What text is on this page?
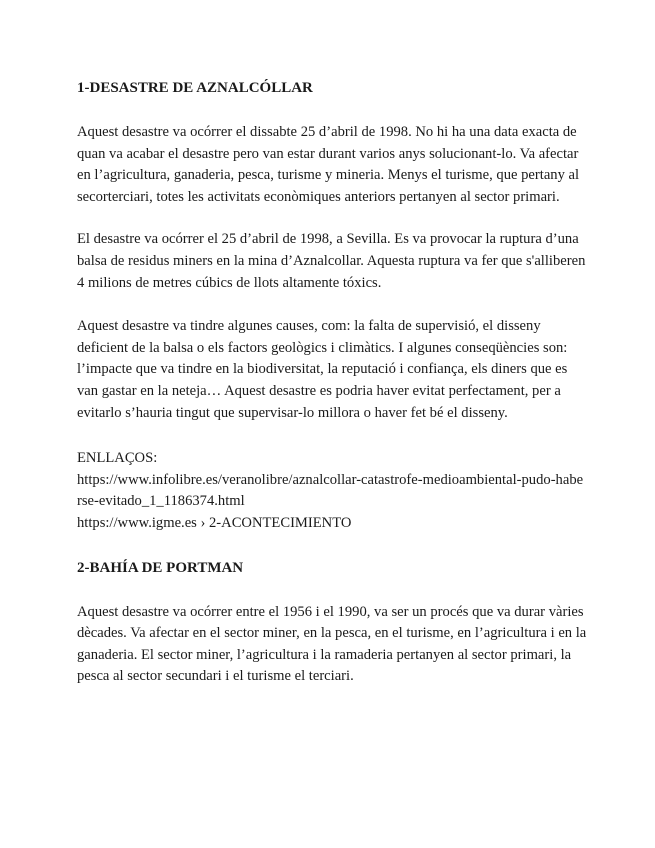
1-DESASTRE DE AZNALCÓLLAR

Aquest desastre va ocórrer el dissabte 25 d’abril de 1998. No hi ha una data exacta de quan va acabar el desastre pero van estar durant varios anys solucionant-lo. Va afectar en l’agricultura, ganaderia, pesca, turisme y mineria. Menys el turisme, que pertany al secorterciari, totes les activitats econòmiques anteriors pertanyen al sector primari.

El desastre va ocórrer el 25 d’abril de 1998, a Sevilla. Es va provocar la ruptura d’una balsa de residus miners en la mina d’Aznalcollar. Aquesta ruptura va fer que s'alliberen 4 milions de metres cúbics de llots altamente tóxics.

Aquest desastre va tindre algunes causes, com: la falta de supervisió, el disseny deficient de la balsa o els factors geològics i climàtics. I algunes conseqüències son: l’impacte que va tindre en la biodiversitat, la reputació i confiança, els diners que es van gastar en la neteja… Aquest desastre es podria haver evitat perfectament, per a evitarlo s’hauria tingut que supervisar-lo millora o haver fet bé el disseny.

ENLLAÇOS:

https://www.infolibre.es/veranolibre/aznalcollar-catastrofe-medioambiental-pudo-haberse-evitado_1_1186374.html
https://www.igme.es › 2-ACONTECIMIENTO

2-BAHÍA DE PORTMAN

Aquest desastre va ocórrer entre el 1956 i el 1990, va ser un procés que va durar vàries dècades. Va afectar en el sector miner, en la pesca, en el turisme, en l’agricultura i en la ganaderia. El sector miner, l’agricultura i la ramaderia pertanyen al sector primari, la pesca al sector secundari i el turisme el terciari.
